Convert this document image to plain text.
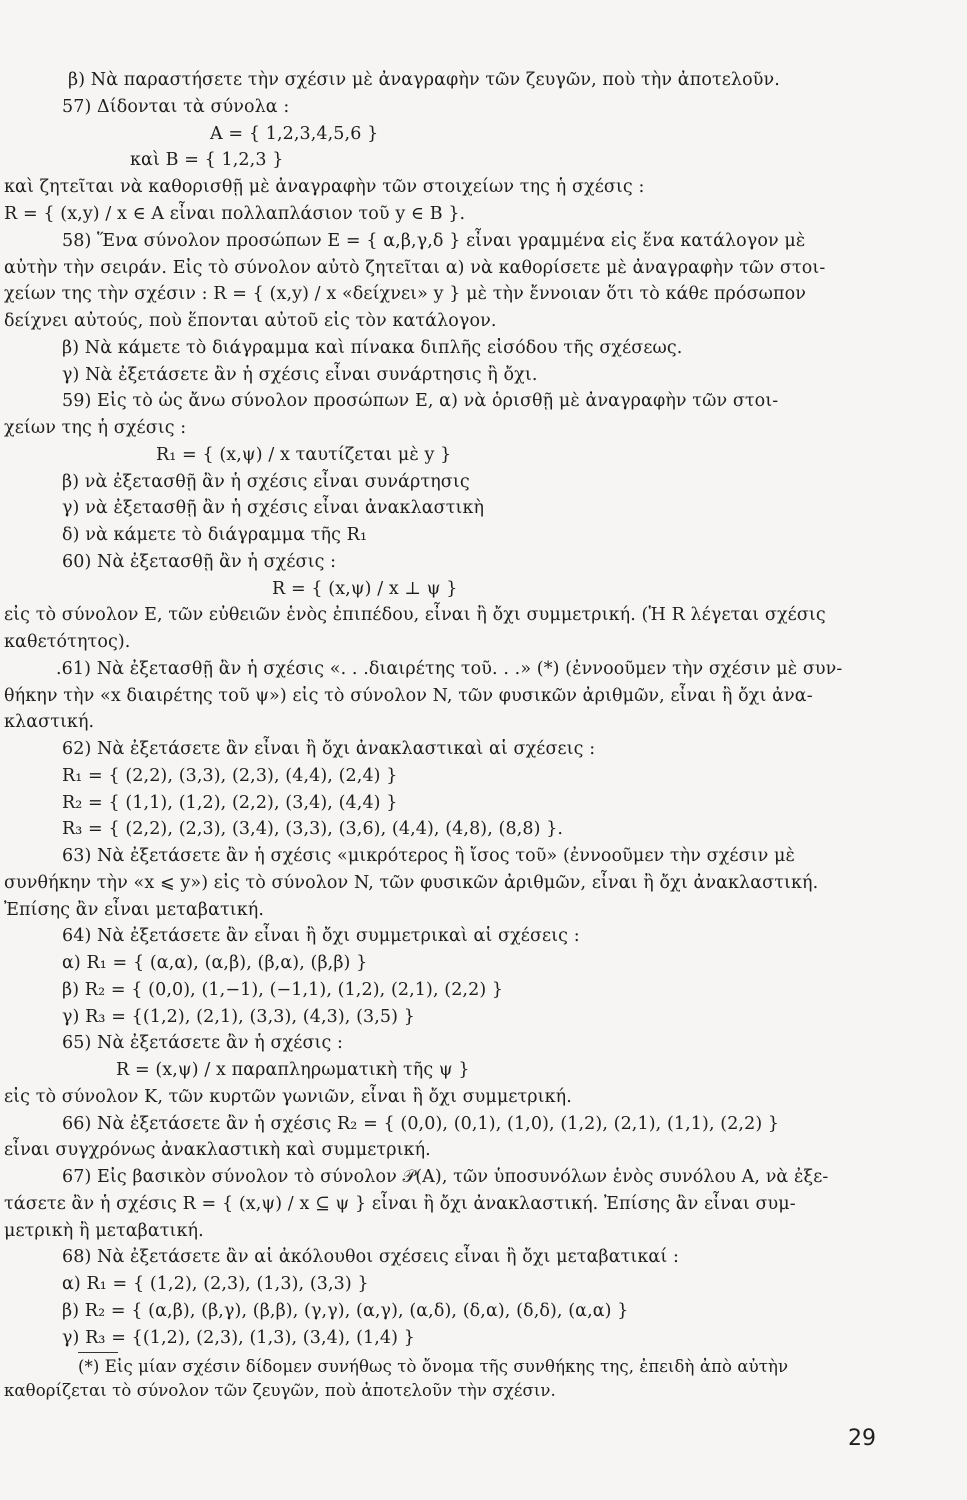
β) Νὰ παραστήσετε τὴν σχέσιν μὲ ἀναγραφὴν τῶν ζευγῶν, ποὺ τὴν ἀποτελοῦν.
57) Δίδονται τὰ σύνολα :
A = { 1,2,3,4,5,6 }
καὶ B = { 1,2,3 }
καὶ ζητεῖται νὰ καθορισθῇ μὲ ἀναγραφὴν τῶν στοιχείων της ἡ σχέσις :
R = { (x,y) / x ∈ A εἶναι πολλαπλάσιον τοῦ y ∈ B }.
58) Ἕνα σύνολον προσώπων E = { α,β,γ,δ } εἶναι γραμμένα εἰς ἕνα κατάλογον μὲ
αὐτὴν τὴν σειράν. Εἰς τὸ σύνολον αὐτὸ ζητεῖται α) νὰ καθορίσετε μὲ ἀναγραφὴν τῶν στοι-
χείων της τὴν σχέσιν : R = { (x,y) / x «δείχνει» y } μὲ τὴν ἔννοιαν ὅτι τὸ κάθε πρόσωπον
δείχνει αὐτούς, ποὺ ἕπονται αὐτοῦ εἰς τὸν κατάλογον.
β) Νὰ κάμετε τὸ διάγραμμα καὶ πίνακα διπλῆς εἰσόδου τῆς σχέσεως.
γ) Νὰ ἐξετάσετε ἂν ἡ σχέσις εἶναι συνάρτησις ἢ ὄχι.
59) Εἰς τὸ ὡς ἄνω σύνολον προσώπων E, α) νὰ ὁρισθῇ μὲ ἀναγραφὴν τῶν στοι-
χείων της ἡ σχέσις :
R₁ = { (x,ψ) / x ταυτίζεται μὲ y }
β) νὰ ἐξετασθῇ ἂν ἡ σχέσις εἶναι συνάρτησις
γ) νὰ ἐξετασθῇ ἂν ἡ σχέσις εἶναι ἀνακλαστικὴ
δ) νὰ κάμετε τὸ διάγραμμα τῆς R₁
60) Νὰ ἐξετασθῇ ἂν ἡ σχέσις :
R = { (x,ψ) / x ⊥ ψ }
εἰς τὸ σύνολον E, τῶν εὐθειῶν ἑνὸς ἐπιπέδου, εἶναι ἢ ὄχι συμμετρική. (Ἡ R λέγεται σχέσις
καθετότητος).
.61) Νὰ ἐξετασθῇ ἂν ἡ σχέσις «. . .διαιρέτης τοῦ. . .» (*) (ἐννοοῦμεν τὴν σχέσιν μὲ συν-
θήκην τὴν «x διαιρέτης τοῦ ψ») εἰς τὸ σύνολον N, τῶν φυσικῶν ἀριθμῶν, εἶναι ἢ ὄχι ἀνα-
κλαστική.
62) Νὰ ἐξετάσετε ἂν εἶναι ἢ ὄχι ἀνακλαστικαὶ αἱ σχέσεις :
R₁ = { (2,2), (3,3), (2,3), (4,4), (2,4) }
R₂ = { (1,1), (1,2), (2,2), (3,4), (4,4) }
R₃ = { (2,2), (2,3), (3,4), (3,3), (3,6), (4,4), (4,8), (8,8) }.
63) Νὰ ἐξετάσετε ἂν ἡ σχέσις «μικρότερος ἢ ἴσος τοῦ» (ἐννοοῦμεν τὴν σχέσιν μὲ
συνθήκην τὴν «x ⩽ y») εἰς τὸ σύνολον N, τῶν φυσικῶν ἀριθμῶν, εἶναι ἢ ὄχι ἀνακλαστική.
Ἐπίσης ἂν εἶναι μεταβατική.
64) Νὰ ἐξετάσετε ἂν εἶναι ἢ ὄχι συμμετρικαὶ αἱ σχέσεις :
α) R₁ = { (α,α), (α,β), (β,α), (β,β) }
β) R₂ = { (0,0), (1,−1), (−1,1), (1,2), (2,1), (2,2) }
γ) R₃ = {(1,2), (2,1), (3,3), (4,3), (3,5) }
65) Νὰ ἐξετάσετε ἂν ἡ σχέσις :
R = (x,ψ) / x παραπληρωματικὴ τῆς ψ }
εἰς τὸ σύνολον K, τῶν κυρτῶν γωνιῶν, εἶναι ἢ ὄχι συμμετρική.
66) Νὰ ἐξετάσετε ἂν ἡ σχέσις R₂ = { (0,0), (0,1), (1,0), (1,2), (2,1), (1,1), (2,2) }
εἶναι συγχρόνως ἀνακλαστικὴ καὶ συμμετρική.
67) Εἰς βασικὸν σύνολον τὸ σύνολον 𝒫(A), τῶν ὑποσυνόλων ἑνὸς συνόλου A, νὰ ἐξε-
τάσετε ἂν ἡ σχέσις R = { (x,ψ) / x ⊆ ψ } εἶναι ἢ ὄχι ἀνακλαστική. Ἐπίσης ἂν εἶναι συμ-
μετρικὴ ἢ μεταβατική.
68) Νὰ ἐξετάσετε ἂν αἱ ἀκόλουθοι σχέσεις εἶναι ἢ ὄχι μεταβατικαί :
α) R₁ = { (1,2), (2,3), (1,3), (3,3) }
β) R₂ = { (α,β), (β,γ), (β,β), (γ,γ), (α,γ), (α,δ), (δ,α), (δ,δ), (α,α) }
γ) R₃ = {(1,2), (2,3), (1,3), (3,4), (1,4) }
(*) Εἰς μίαν σχέσιν δίδομεν συνήθως τὸ ὄνομα τῆς συνθήκης της, ἐπειδὴ ἀπὸ αὐτὴν
καθορίζεται τὸ σύνολον τῶν ζευγῶν, ποὺ ἀποτελοῦν τὴν σχέσιν.
29
